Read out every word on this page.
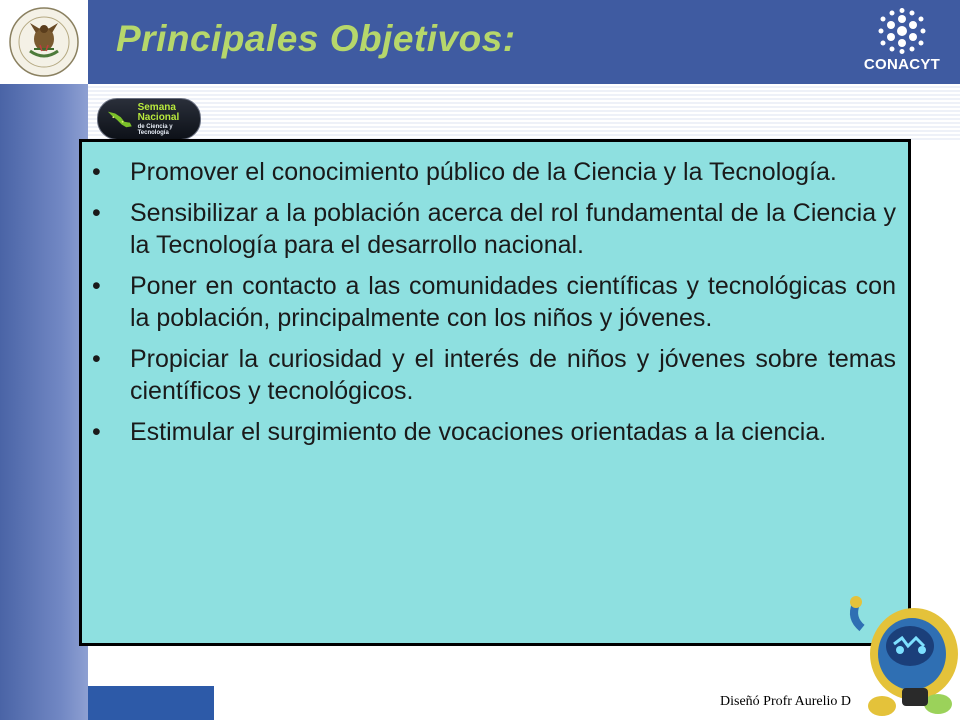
Principales Objetivos:
CONACYT
Semana
Nacional
de Ciencia y Tecnología
•	Promover el conocimiento público de la Ciencia y la Tecnología.
•	Sensibilizar a la población acerca del rol fundamental de la Ciencia y la Tecnología para el desarrollo nacional.
•	Poner en contacto a las comunidades científicas y tecnológicas con la población, principalmente con los niños y jóvenes.
•	Propiciar la curiosidad y el interés de niños y jóvenes sobre temas científicos y tecnológicos.
•	Estimular el surgimiento de vocaciones orientadas a la ciencia.
Diseñó Profr Aurelio D
